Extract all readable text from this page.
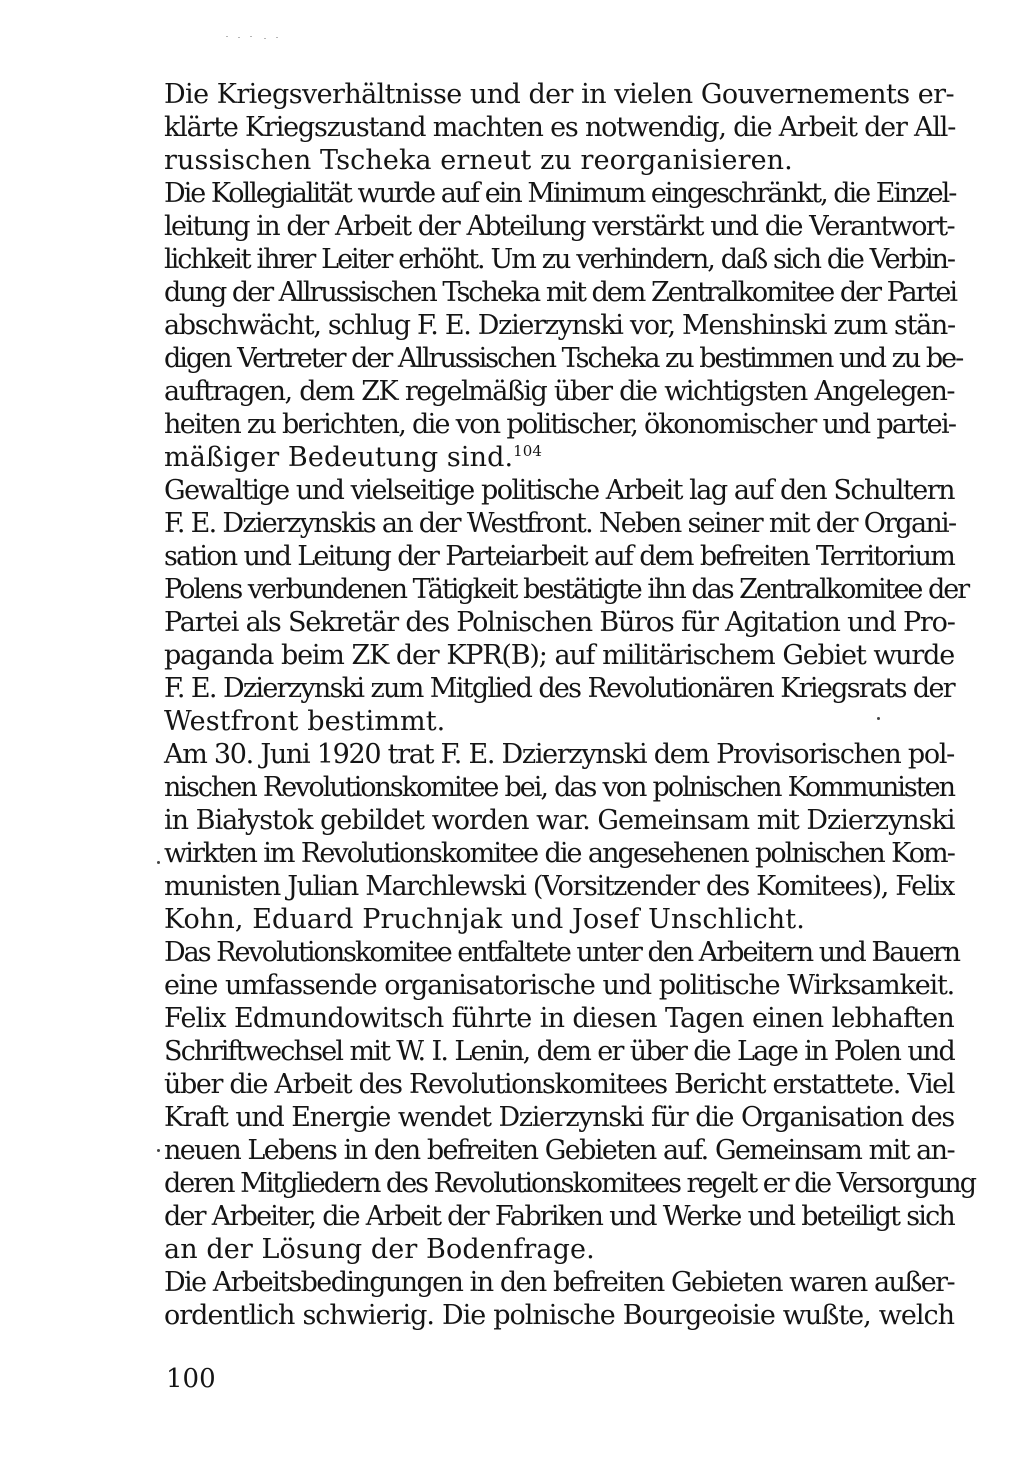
Die Kriegsverhältnisse und der in vielen Gouvernements er-
klärte Kriegszustand machten es notwendig, die Arbeit der All-
russischen Tscheka erneut zu reorganisieren.
Die Kollegialität wurde auf ein Minimum eingeschränkt, die Einzel-
leitung in der Arbeit der Abteilung verstärkt und die Verantwort-
lichkeit ihrer Leiter erhöht. Um zu verhindern, daß sich die Verbin-
dung der Allrussischen Tscheka mit dem Zentralkomitee der Partei
abschwächt, schlug F. E. Dzierzynski vor, Menshinski zum stän-
digen Vertreter der Allrussischen Tscheka zu bestimmen und zu be-
auftragen, dem ZK regelmäßig über die wichtigsten Angelegen-
heiten zu berichten, die von politischer, ökonomischer und partei-
mäßiger Bedeutung sind.$^{104}$
Gewaltige und vielseitige politische Arbeit lag auf den Schultern
F. E. Dzierzynskis an der Westfront. Neben seiner mit der Organi-
sation und Leitung der Parteiarbeit auf dem befreiten Territorium
Polens verbundenen Tätigkeit bestätigte ihn das Zentralkomitee der
Partei als Sekretär des Polnischen Büros für Agitation und Pro-
paganda beim ZK der KPR(B); auf militärischem Gebiet wurde
F. E. Dzierzynski zum Mitglied des Revolutionären Kriegsrats der
Westfront bestimmt.
Am 30. Juni 1920 trat F. E. Dzierzynski dem Provisorischen pol-
nischen Revolutionskomitee bei, das von polnischen Kommunisten
in Białystok gebildet worden war. Gemeinsam mit Dzierzynski
wirkten im Revolutionskomitee die angesehenen polnischen Kom-
munisten Julian Marchlewski (Vorsitzender des Komitees), Felix
Kohn, Eduard Pruchnjak und Josef Unschlicht.
Das Revolutionskomitee entfaltete unter den Arbeitern und Bauern
eine umfassende organisatorische und politische Wirksamkeit.
Felix Edmundowitsch führte in diesen Tagen einen lebhaften
Schriftwechsel mit W. I. Lenin, dem er über die Lage in Polen und
über die Arbeit des Revolutionskomitees Bericht erstattete. Viel
Kraft und Energie wendet Dzierzynski für die Organisation des
neuen Lebens in den befreiten Gebieten auf. Gemeinsam mit an-
deren Mitgliedern des Revolutionskomitees regelt er die Versorgung
der Arbeiter, die Arbeit der Fabriken und Werke und beteiligt sich
an der Lösung der Bodenfrage.
Die Arbeitsbedingungen in den befreiten Gebieten waren außer-
ordentlich schwierig. Die polnische Bourgeoisie wußte, welch
100
